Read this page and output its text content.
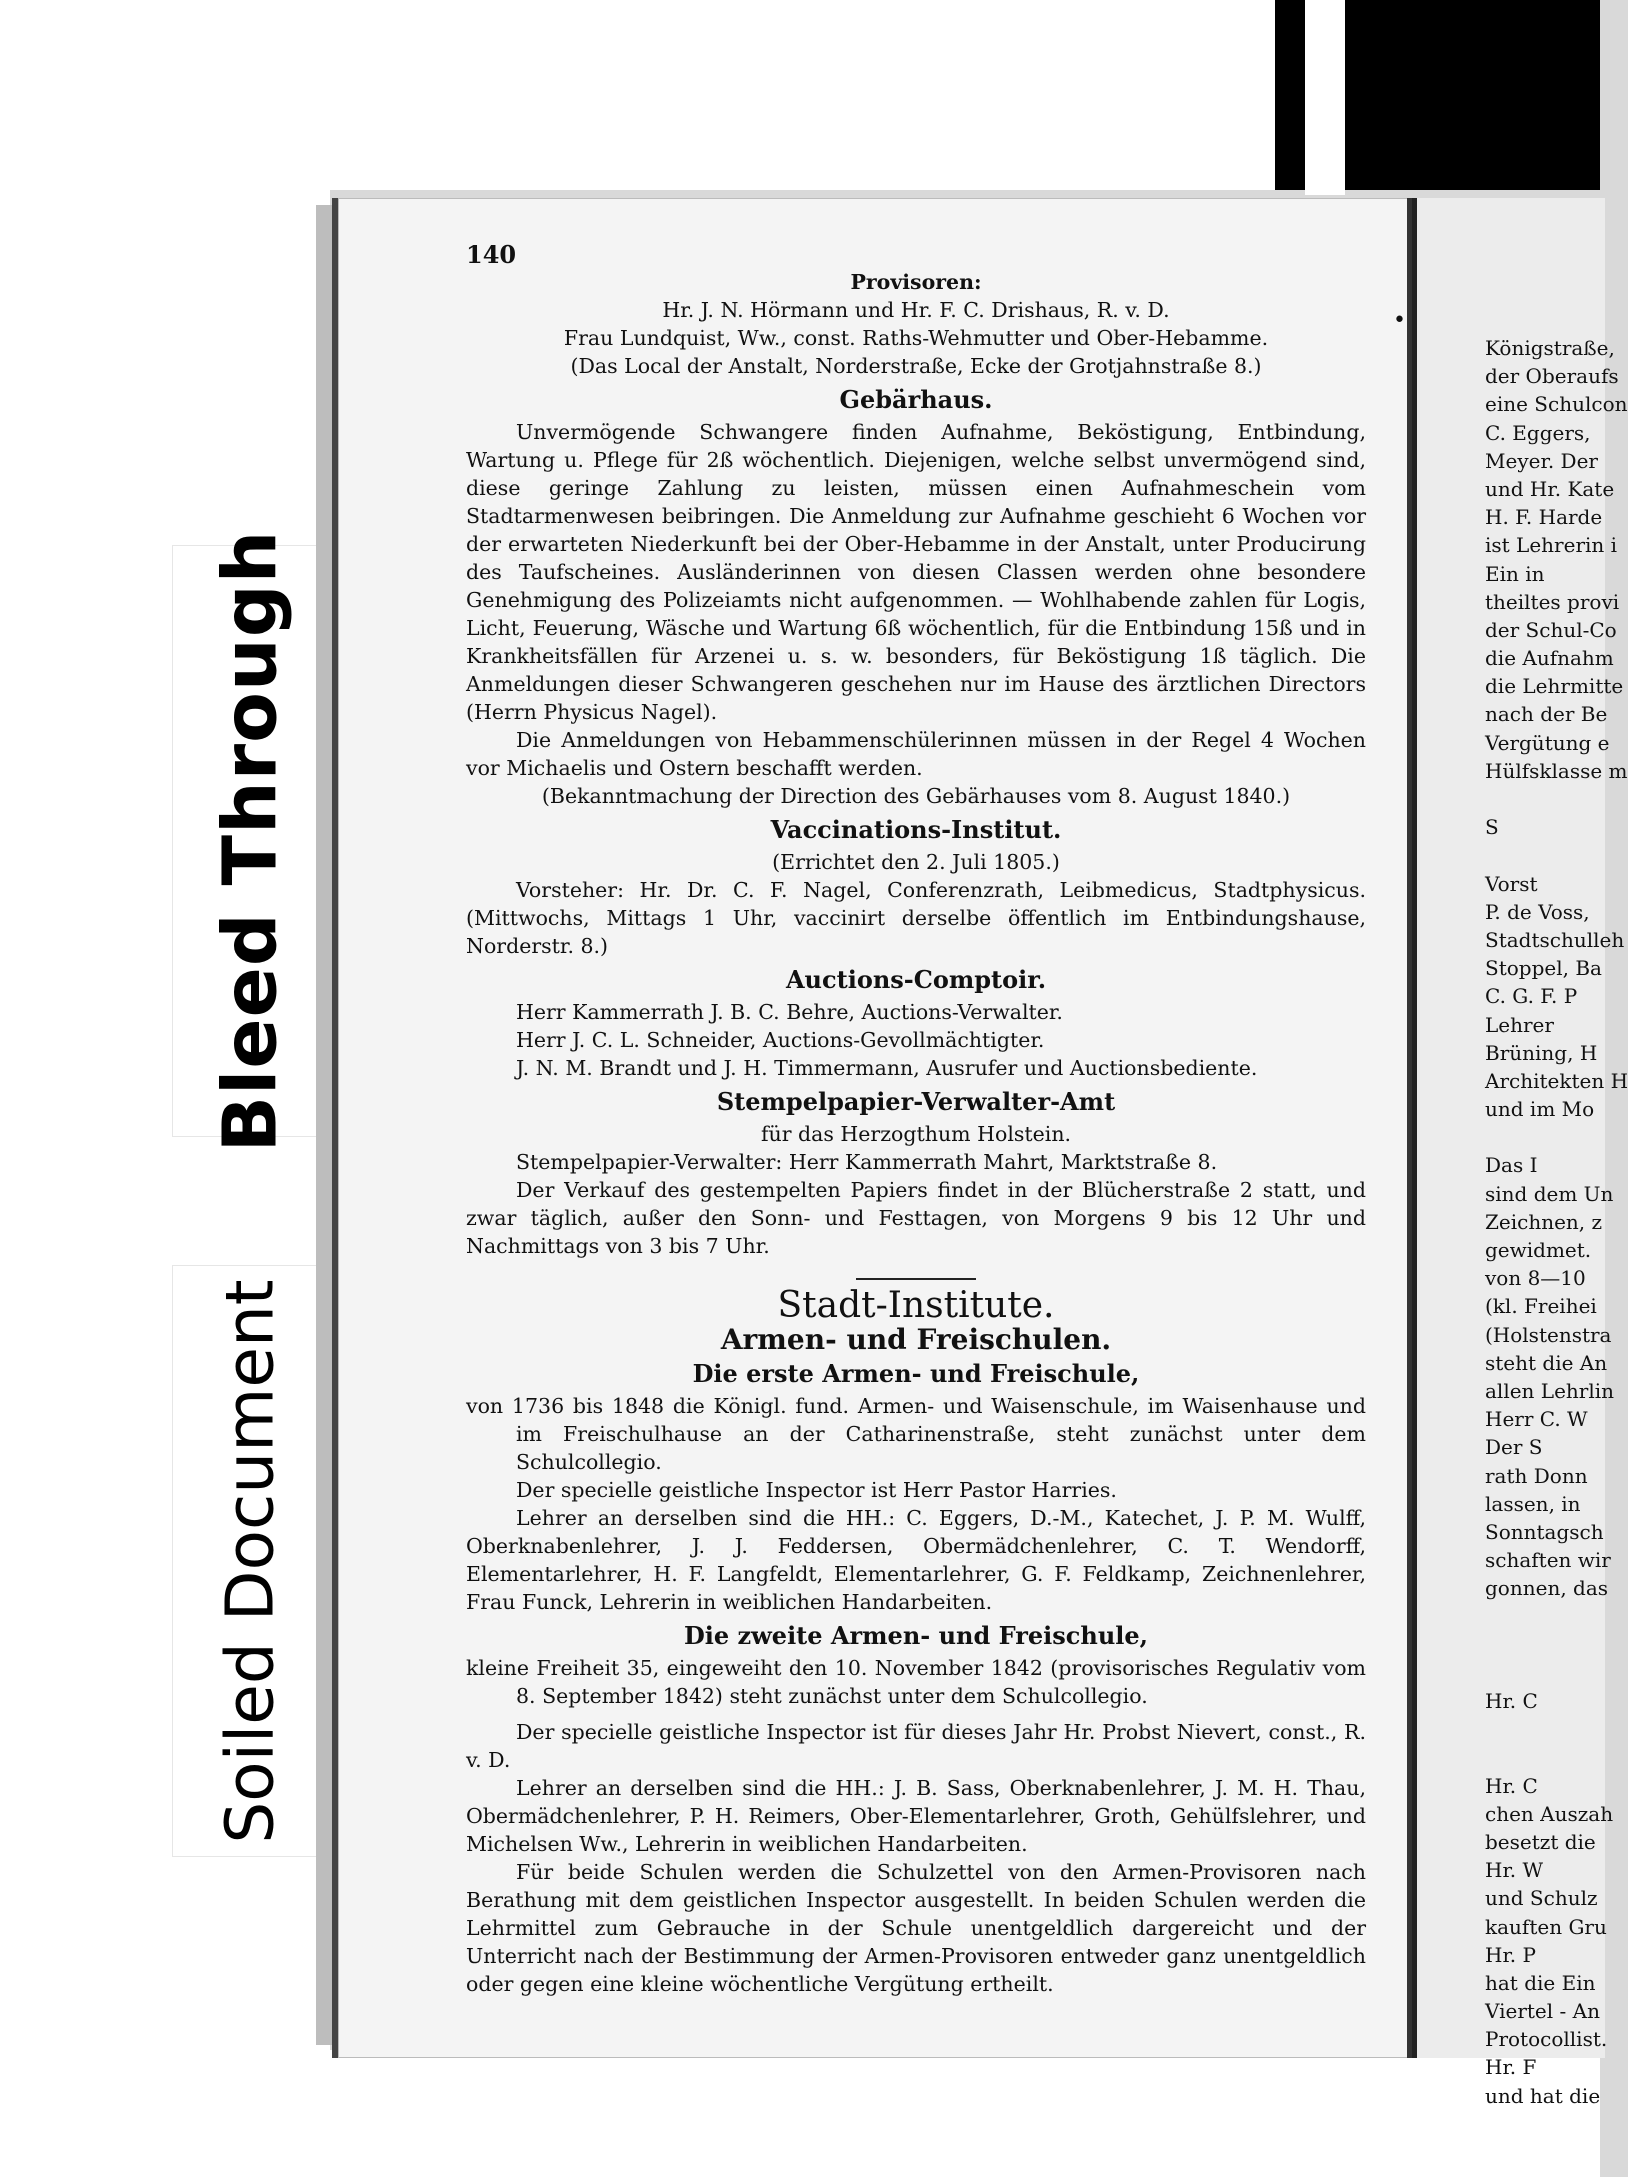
Bleed Through
Soiled Document
140
•
Provisoren:
Hr. J. N. Hörmann und Hr. F. C. Drishaus, R. v. D.
Frau Lundquist, Ww., const. Raths-Wehmutter und Ober-Hebamme.
(Das Local der Anstalt, Norderstraße, Ecke der Grotjahnstraße 8.)
Gebärhaus.
Unvermögende Schwangere finden Aufnahme, Beköstigung, Entbindung, Wartung u. Pflege für 2ß wöchentlich. Diejenigen, welche selbst unvermögend sind, diese geringe Zahlung zu leisten, müssen einen Aufnahmeschein vom Stadtarmenwesen beibringen. Die Anmeldung zur Aufnahme geschieht 6 Wochen vor der erwarteten Niederkunft bei der Ober-Hebamme in der Anstalt, unter Producirung des Taufscheines. Ausländerinnen von diesen Classen werden ohne besondere Genehmigung des Polizeiamts nicht aufgenommen. — Wohlhabende zahlen für Logis, Licht, Feuerung, Wäsche und Wartung 6ß wöchentlich, für die Entbindung 15ß und in Krankheitsfällen für Arzenei u. s. w. besonders, für Beköstigung 1ß täglich. Die Anmeldungen dieser Schwangeren geschehen nur im Hause des ärztlichen Directors (Herrn Physicus Nagel).
Die Anmeldungen von Hebammenschülerinnen müssen in der Regel 4 Wochen vor Michaelis und Ostern beschafft werden.
(Bekanntmachung der Direction des Gebärhauses vom 8. August 1840.)
Vaccinations-Institut.
(Errichtet den 2. Juli 1805.)
Vorsteher: Hr. Dr. C. F. Nagel, Conferenzrath, Leibmedicus, Stadtphysicus. (Mittwochs, Mittags 1 Uhr, vaccinirt derselbe öffentlich im Entbindungshause, Norderstr. 8.)
Auctions-Comptoir.
Herr Kammerrath J. B. C. Behre, Auctions-Verwalter.
Herr J. C. L. Schneider, Auctions-Gevollmächtigter.
J. N. M. Brandt und J. H. Timmermann, Ausrufer und Auctionsbediente.
Stempelpapier-Verwalter-Amt
für das Herzogthum Holstein.
Stempelpapier-Verwalter: Herr Kammerrath Mahrt, Marktstraße 8.
Der Verkauf des gestempelten Papiers findet in der Blücherstraße 2 statt, und zwar täglich, außer den Sonn- und Festtagen, von Morgens 9 bis 12 Uhr und Nachmittags von 3 bis 7 Uhr.
Stadt-Institute.
Armen- und Freischulen.
Die erste Armen- und Freischule,
von 1736 bis 1848 die Königl. fund. Armen- und Waisenschule, im Waisenhause und im Freischulhause an der Catharinenstraße, steht zunächst unter dem Schulcollegio.
Der specielle geistliche Inspector ist Herr Pastor Harries.
Lehrer an derselben sind die HH.: C. Eggers, D.-M., Katechet, J. P. M. Wulff, Oberknabenlehrer, J. J. Feddersen, Obermädchenlehrer, C. T. Wendorff, Elementarlehrer, H. F. Langfeldt, Elementarlehrer, G. F. Feldkamp, Zeichnenlehrer, Frau Funck, Lehrerin in weiblichen Handarbeiten.
Die zweite Armen- und Freischule,
kleine Freiheit 35, eingeweiht den 10. November 1842 (provisorisches Regulativ vom 8. September 1842) steht zunächst unter dem Schulcollegio.
Der specielle geistliche Inspector ist für dieses Jahr Hr. Probst Nievert, const., R. v. D.
Lehrer an derselben sind die HH.: J. B. Sass, Oberknabenlehrer, J. M. H. Thau, Obermädchenlehrer, P. H. Reimers, Ober-Elementarlehrer, Groth, Gehülfslehrer, und Michelsen Ww., Lehrerin in weiblichen Handarbeiten.
Für beide Schulen werden die Schulzettel von den Armen-Provisoren nach Berathung mit dem geistlichen Inspector ausgestellt. In beiden Schulen werden die Lehrmittel zum Gebrauche in der Schule unentgeldlich dargereicht und der Unterricht nach der Bestimmung der Armen-Provisoren entweder ganz unentgeldlich oder gegen eine kleine wöchentliche Vergütung ertheilt.
Königstraße,
der Oberaufs
eine Schulcon
C. Eggers,
Meyer. Der
und Hr. Kate
H. F. Harde
ist Lehrerin i
Ein in
theiltes provi
der Schul-Co
die Aufnahm
die Lehrmitte
nach der Be
Vergütung e
Hülfsklasse m
S
Vorst
P. de Voss,
Stadtschulleh
Stoppel, Ba
C. G. F. P
Lehrer
Brüning, H
Architekten H
und im Mo
Das I
sind dem Un
Zeichnen, z
gewidmet.
von 8—10
(kl. Freihei
(Holstenstra
steht die An
allen Lehrlin
Herr C. W
Der S
rath Donn
lassen, in
Sonntagsch
schaften wir
gonnen, das
Hr. C
Hr. C
chen Auszah
besetzt die
Hr. W
und Schulz
kauften Gru
Hr. P
hat die Ein
Viertel - An
Protocollist.
Hr. F
und hat die
